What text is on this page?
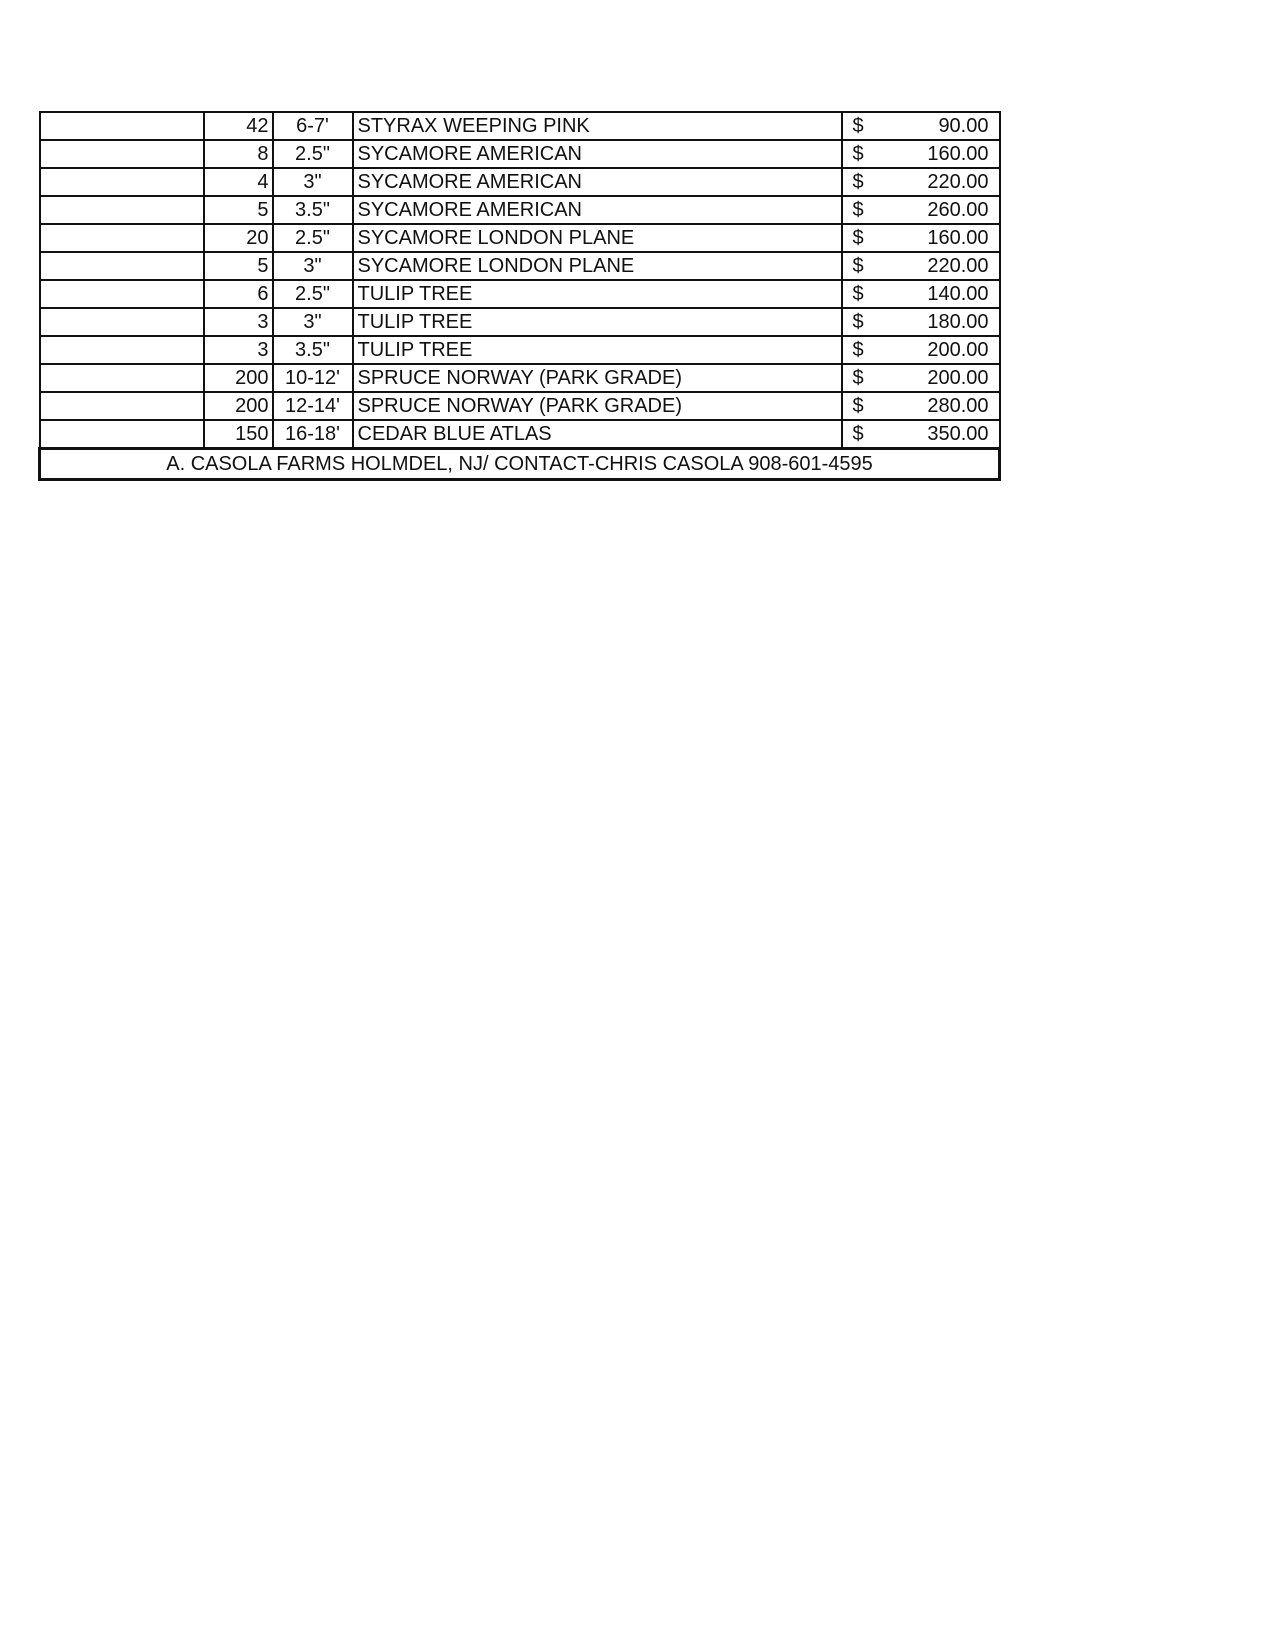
	42	6-7'	STYRAX WEEPING PINK	$ 90.00

	8	2.5"	SYCAMORE AMERICAN	$ 160.00

	4	3"	SYCAMORE AMERICAN	$ 220.00

	5	3.5"	SYCAMORE AMERICAN	$ 260.00

	20	2.5"	SYCAMORE LONDON PLANE	$ 160.00

	5	3"	SYCAMORE LONDON PLANE	$ 220.00

	6	2.5"	TULIP TREE	$ 140.00

	3	3"	TULIP TREE	$ 180.00

	3	3.5"	TULIP TREE	$ 200.00

	200	10-12'	SPRUCE NORWAY (PARK GRADE)	$ 200.00

	200	12-14'	SPRUCE NORWAY (PARK GRADE)	$ 280.00

	150	16-18'	CEDAR BLUE ATLAS	$ 350.00

A. CASOLA FARMS HOLMDEL, NJ/ CONTACT-CHRIS CASOLA 908-601-4595				
